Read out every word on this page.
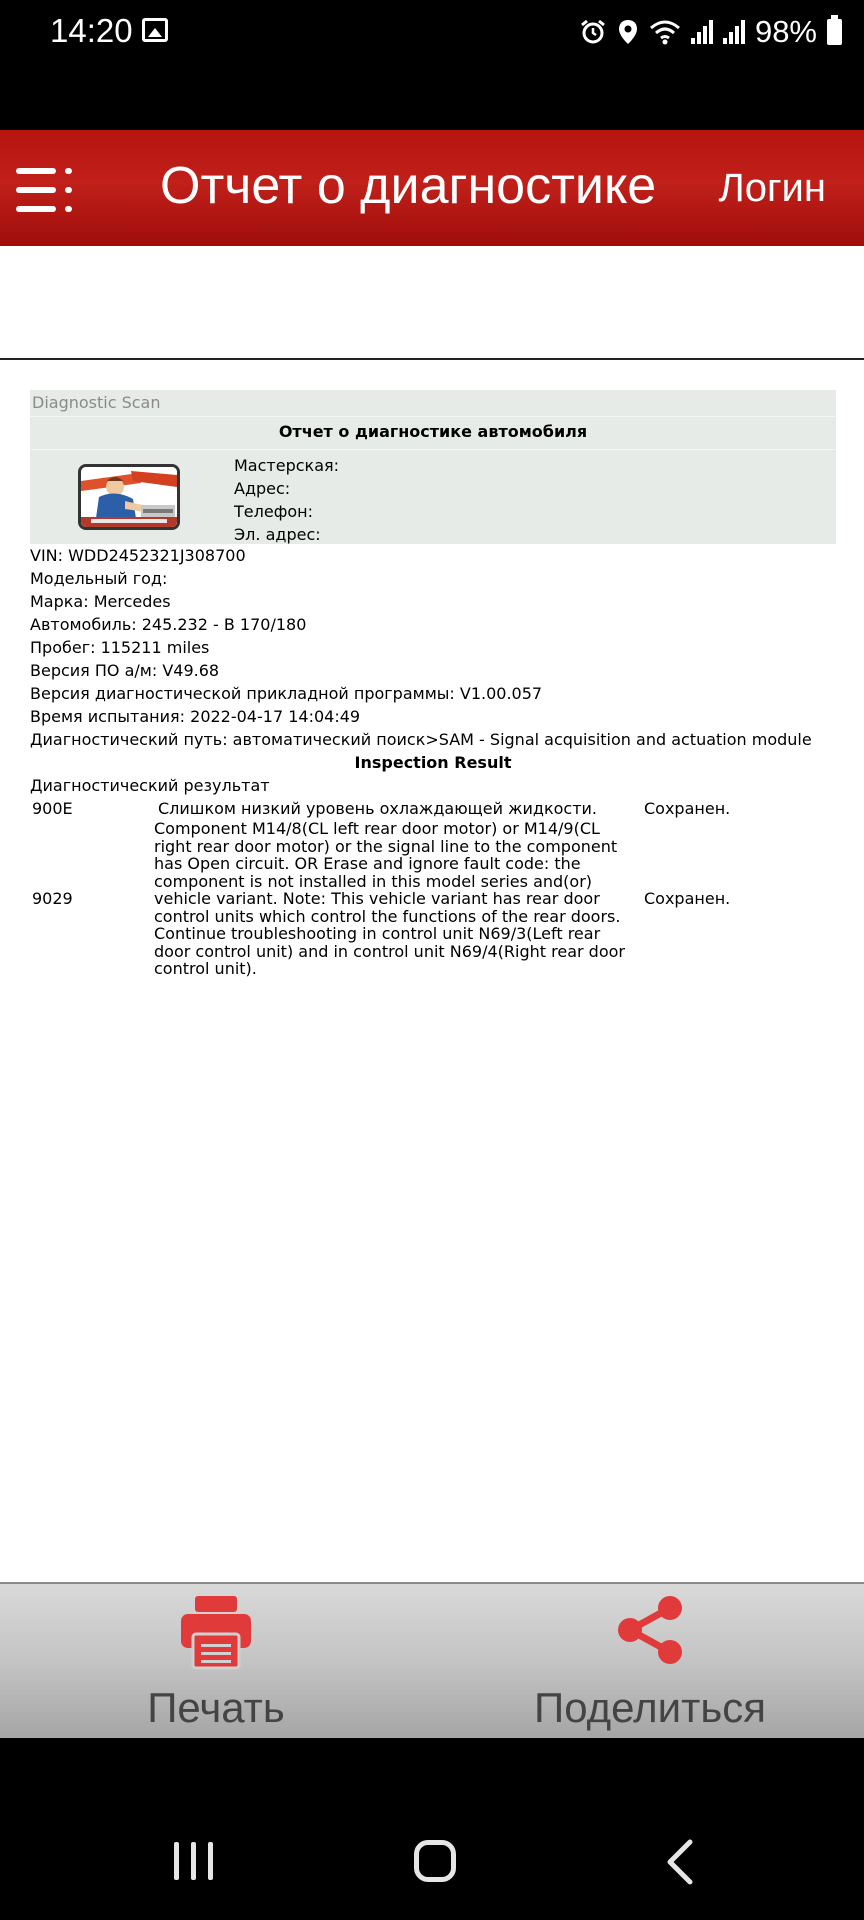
14:20	98%
Отчет о диагностике Логин
Diagnostic Scan
Отчет о диагностике автомобиля
Мастерская:
Адрес:
Телефон:
Эл. адрес:
VIN: WDD2452321J308700
Модельный год:
Марка: Mercedes
Автомобиль: 245.232 - B 170/180
Пробег: 115211 miles
Версия ПО а/м: V49.68
Версия диагностической прикладной программы: V1.00.057
Время испытания: 2022-04-17 14:04:49
Диагностический путь: автоматический поиск>SAM - Signal acquisition and actuation module
Inspection Result
Диагностический результат
900E	Слишком низкий уровень охлаждающей жидкости.	Сохранен.
9029	Component M14/8(CL left rear door motor) or M14/9(CL right rear door motor) or the signal line to the component has Open circuit. OR Erase and ignore fault code: the component is not installed in this model series and(or) vehicle variant. Note: This vehicle variant has rear door control units which control the functions of the rear doors. Continue troubleshooting in control unit N69/3(Left rear door control unit) and in control unit N69/4(Right rear door control unit).	Сохранен.
Печать	Поделиться
